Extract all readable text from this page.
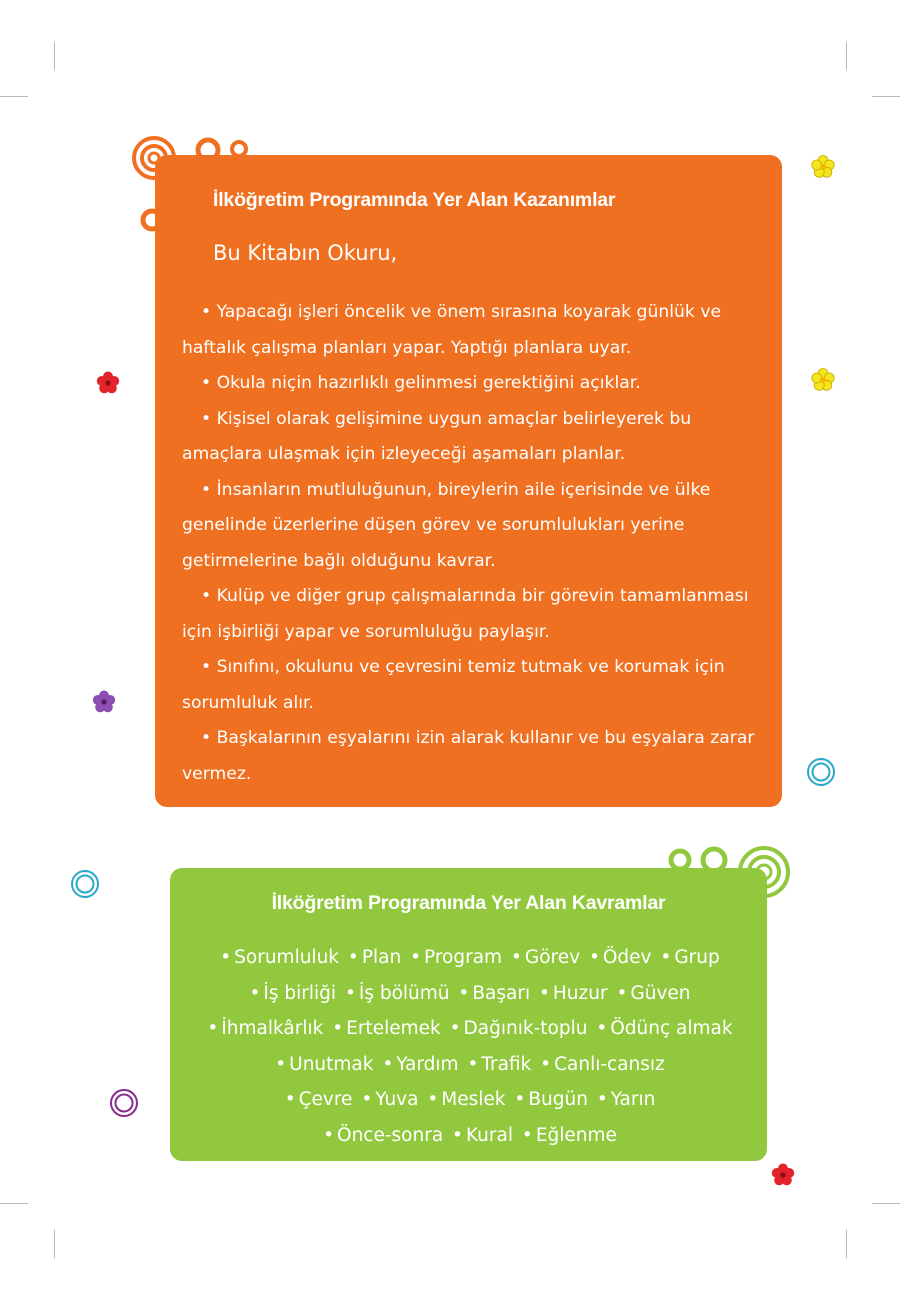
İlköğretim Programında Yer Alan Kazanımlar
Bu Kitabın Okuru,
• Yapacağı işleri öncelik ve önem sırasına koyarak günlük ve haftalık çalışma planları yapar. Yaptığı planlara uyar.
• Okula niçin hazırlıklı gelinmesi gerektiğini açıklar.
• Kişisel olarak gelişimine uygun amaçlar belirleyerek bu amaçlara ulaşmak için izleyeceği aşamaları planlar.
• İnsanların mutluluğunun, bireylerin aile içerisinde ve ülke genelinde üzerlerine düşen görev ve sorumlulukları yerine getirmelerine bağlı olduğunu kavrar.
• Kulüp ve diğer grup çalışmalarında bir görevin tamamlanması için işbirliği yapar ve sorumluluğu paylaşır.
• Sınıfını, okulunu ve çevresini temiz tutmak ve korumak için sorumluluk alır.
• Başkalarının eşyalarını izin alarak kullanır ve bu eşyalara zarar vermez.
İlköğretim Programında Yer Alan Kavramlar
• Sorumluluk • Plan • Program • Görev • Ödev • Grup
• İş birliği • İş bölümü • Başarı • Huzur • Güven
• İhmalkârlık • Ertelemek • Dağınık-toplu • Ödünç almak
• Unutmak • Yardım • Trafik • Canlı-cansız
• Çevre • Yuva • Meslek • Bugün • Yarın
• Önce-sonra • Kural • Eğlenme
